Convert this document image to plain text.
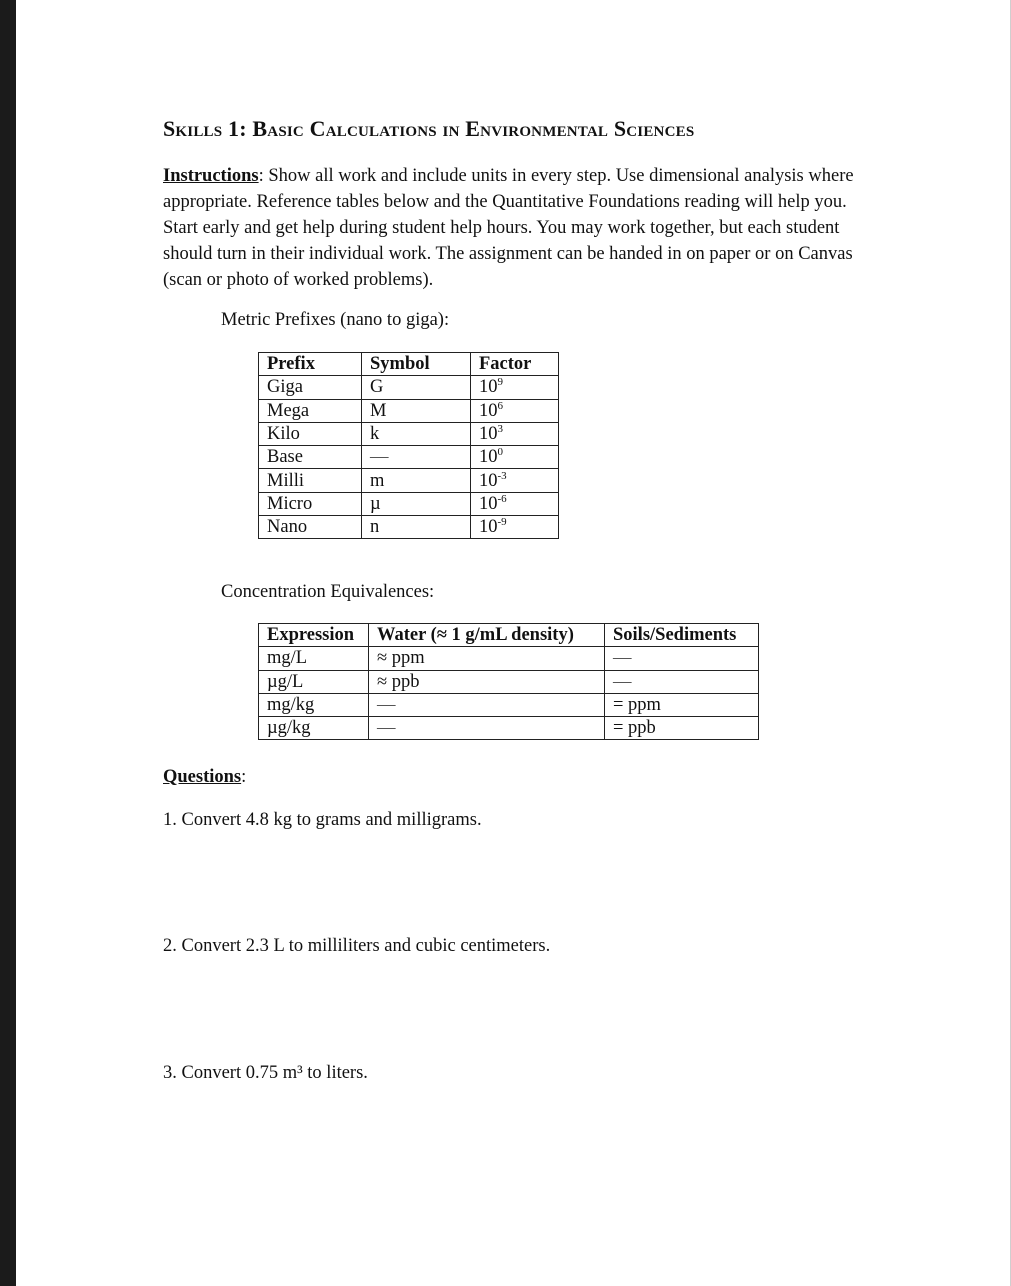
Skills 1: Basic Calculations in Environmental Sciences

Instructions: Show all work and include units in every step. Use dimensional analysis where appropriate. Reference tables below and the Quantitative Foundations reading will help you. Start early and get help during student help hours. You may work together, but each student should turn in their individual work. The assignment can be handed in on paper or on Canvas (scan or photo of worked problems).

Metric Prefixes (nano to giga):

Prefix	Symbol	Factor
Giga	G	$10^9$
Mega	M	$10^6$
Kilo	k	$10^3$
Base	—	$10^0$
Milli	m	$10^{-3}$
Micro	µ	$10^{-6}$
Nano	n	$10^{-9}$

Concentration Equivalences:

Expression	Water (≈ 1 g/mL density)	Soils/Sediments
mg/L	≈ ppm	—
µg/L	≈ ppb	—
mg/kg	—	= ppm
µg/kg	—	= ppb

Questions:

1. Convert 4.8 kg to grams and milligrams.

2. Convert 2.3 L to milliliters and cubic centimeters.

3. Convert 0.75 m³ to liters.
